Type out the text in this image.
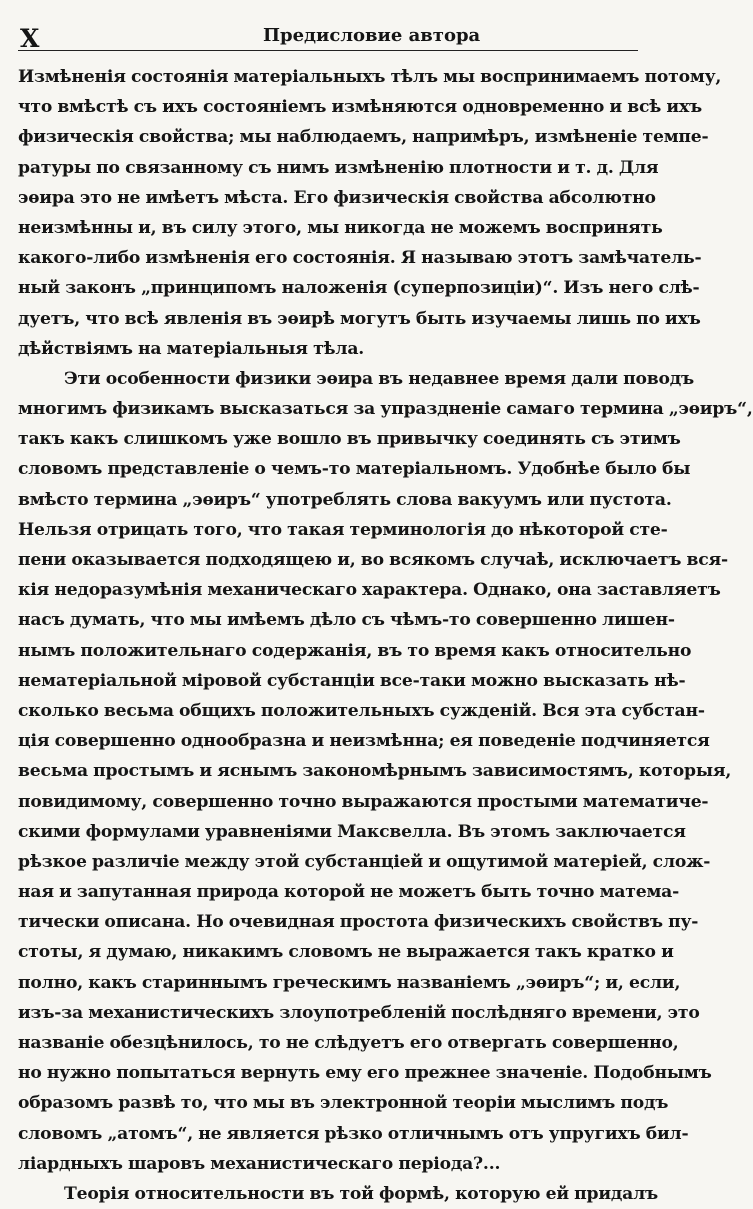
X	Предисловие автора
Измѣненія состоянія матеріальныхъ тѣлъ мы воспринимаемъ потому,
что вмѣстѣ съ ихъ состояніемъ измѣняются одновременно и всѣ ихъ
физическія свойства; мы наблюдаемъ, напримѣръ, измѣненіе темпе-
ратуры по связанному съ нимъ измѣненію плотности и т. д. Для
эѳира это не имѣетъ мѣста. Его физическія свойства абсолютно
неизмѣнны и, въ силу этого, мы никогда не можемъ воспринять
какого-либо измѣненія его состоянія. Я называю этотъ замѣчатель-
ный законъ „принципомъ наложенія (суперпозиціи)“. Изъ него слѣ-
дуетъ, что всѣ явленія въ эѳирѣ могутъ быть изучаемы лишь по ихъ
дѣйствіямъ на матеріальныя тѣла.
Эти особенности физики эѳира въ недавнее время дали поводъ
многимъ физикамъ высказаться за упраздненіе самаго термина „эѳиръ“,
такъ какъ слишкомъ уже вошло въ привычку соединять съ этимъ
словомъ представленіе о чемъ-то матеріальномъ. Удобнѣе было бы
вмѣсто термина „эѳиръ“ употреблять слова вакуумъ или пустота.
Нельзя отрицать того, что такая терминологія до нѣкоторой сте-
пени оказывается подходящею и, во всякомъ случаѣ, исключаетъ вся-
кія недоразумѣнія механическаго характера. Однако, она заставляетъ
насъ думать, что мы имѣемъ дѣло съ чѣмъ-то совершенно лишен-
нымъ положительнаго содержанія, въ то время какъ относительно
нематеріальной міровой субстанціи все-таки можно высказать нѣ-
сколько весьма общихъ положительныхъ сужденій. Вся эта субстан-
ція совершенно однообразна и неизмѣнна; ея поведеніе подчиняется
весьма простымъ и яснымъ закономѣрнымъ зависимостямъ, которыя,
повидимому, совершенно точно выражаются простыми математиче-
скими формулами уравненіями Максвелла. Въ этомъ заключается
рѣзкое различіе между этой субстанціей и ощутимой матеріей, слож-
ная и запутанная природа которой не можетъ быть точно матема-
тически описана. Но очевидная простота физическихъ свойствъ пу-
стоты, я думаю, никакимъ словомъ не выражается такъ кратко и
полно, какъ стариннымъ греческимъ названіемъ „эѳиръ“; и, если,
изъ-за механистическихъ злоупотребленій послѣдняго времени, это
названіе обезцѣнилось, то не слѣдуетъ его отвергать совершенно,
но нужно попытаться вернуть ему его прежнее значеніе. Подобнымъ
образомъ развѣ то, что мы въ электронной теоріи мыслимъ подъ
словомъ „атомъ“, не является рѣзко отличнымъ отъ упругихъ бил-
ліардныхъ шаровъ механистическаго періода?...
Теорія относительности въ той формѣ, которую ей придалъ
